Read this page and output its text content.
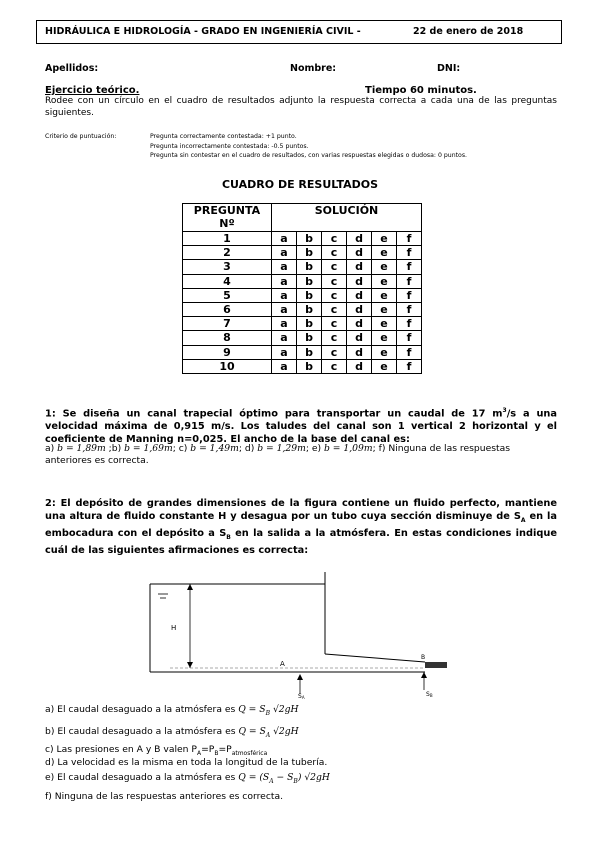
HIDRÁULICA E HIDROLOGÍA - GRADO EN INGENIERÍA CIVIL -	22 de enero de 2018
Apellidos:	Nombre:	DNI:
Ejercicio teórico.	Tiempo 60 minutos.
Rodee con un círculo en el cuadro de resultados adjunto la respuesta correcta a cada una de las preguntas siguientes.
Criterio de puntuación:	Pregunta correctamente contestada: +1 punto.
Pregunta incorrectamente contestada: -0.5 puntos.
Pregunta sin contestar en el cuadro de resultados, con varias respuestas elegidas o dudosa: 0 puntos.
CUADRO DE RESULTADOS
PREGUNTA
Nº	SOLUCIÓN					
1	a	b	c	d	e	f
2	a	b	c	d	e	f
3	a	b	c	d	e	f
4	a	b	c	d	e	f
5	a	b	c	d	e	f
6	a	b	c	d	e	f
7	a	b	c	d	e	f
8	a	b	c	d	e	f
9	a	b	c	d	e	f
10	a	b	c	d	e	f
1: Se diseña un canal trapecial óptimo para transportar un caudal de 17 $m^3/s$ a una velocidad máxima de 0,915 m/s. Los taludes del canal son 1 vertical 2 horizontal y el coeficiente de Manning n=0,025. El ancho de la base del canal es:
a) b = 1,89m ;b) b = 1,69m; c) b = 1,49m; d) b = 1,29m; e) b = 1,09m; f) Ninguna de las respuestas anteriores es correcta.
2: El depósito de grandes dimensiones de la figura contiene un fluido perfecto, mantiene una altura de fluido constante H y desagua por un tubo cuya sección disminuye de $S_A$ en la embocadura con el depósito a $S_B$ en la salida a la atmósfera. En estas condiciones indique cuál de las siguientes afirmaciones es correcta:
H
A
B
SA	SB
a) El caudal desaguado a la atmósfera es $Q = S_B$ √2gH
b) El caudal desaguado a la atmósfera es $Q = S_A$ √2gH
c) Las presiones en A y B valen $P_A=P_B=P_{atmosférica}$
d) La velocidad es la misma en toda la longitud de la tubería.
e) El caudal desaguado a la atmósfera es $Q = (S_A - S_B)$ √2gH
f) Ninguna de las respuestas anteriores es correcta.
